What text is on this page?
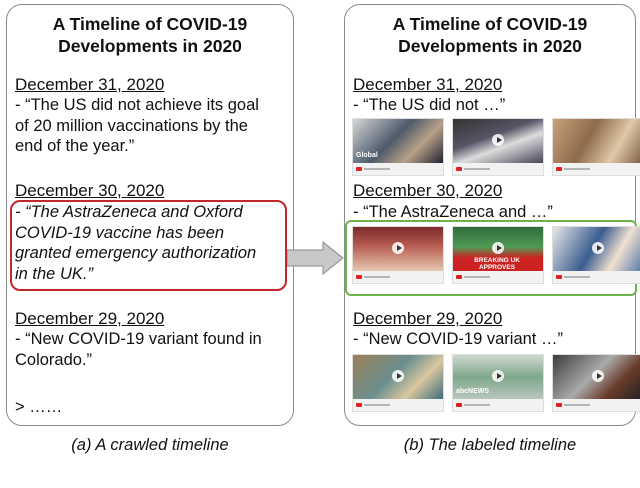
A Timeline of COVID-19
Developments in 2020
December 31, 2020
- “The US did not achieve its goal
of 20 million vaccinations by the
end of the year.”
December 30, 2020
- “The AstraZeneca and Oxford
COVID-19 vaccine has been
granted emergency authorization
in the UK.”
December 29, 2020
- “New COVID-19 variant found in
Colorado.”
> ……
A Timeline of COVID-19
Developments in 2020
December 31, 2020
- “The US did not …”
Global
December 30, 2020
- “The AstraZeneca and …”
BREAKING UK APPROVES
December 29, 2020
- “New COVID-19 variant …”
abcNEWS
(a) A crawled timeline	(b) The labeled timeline
